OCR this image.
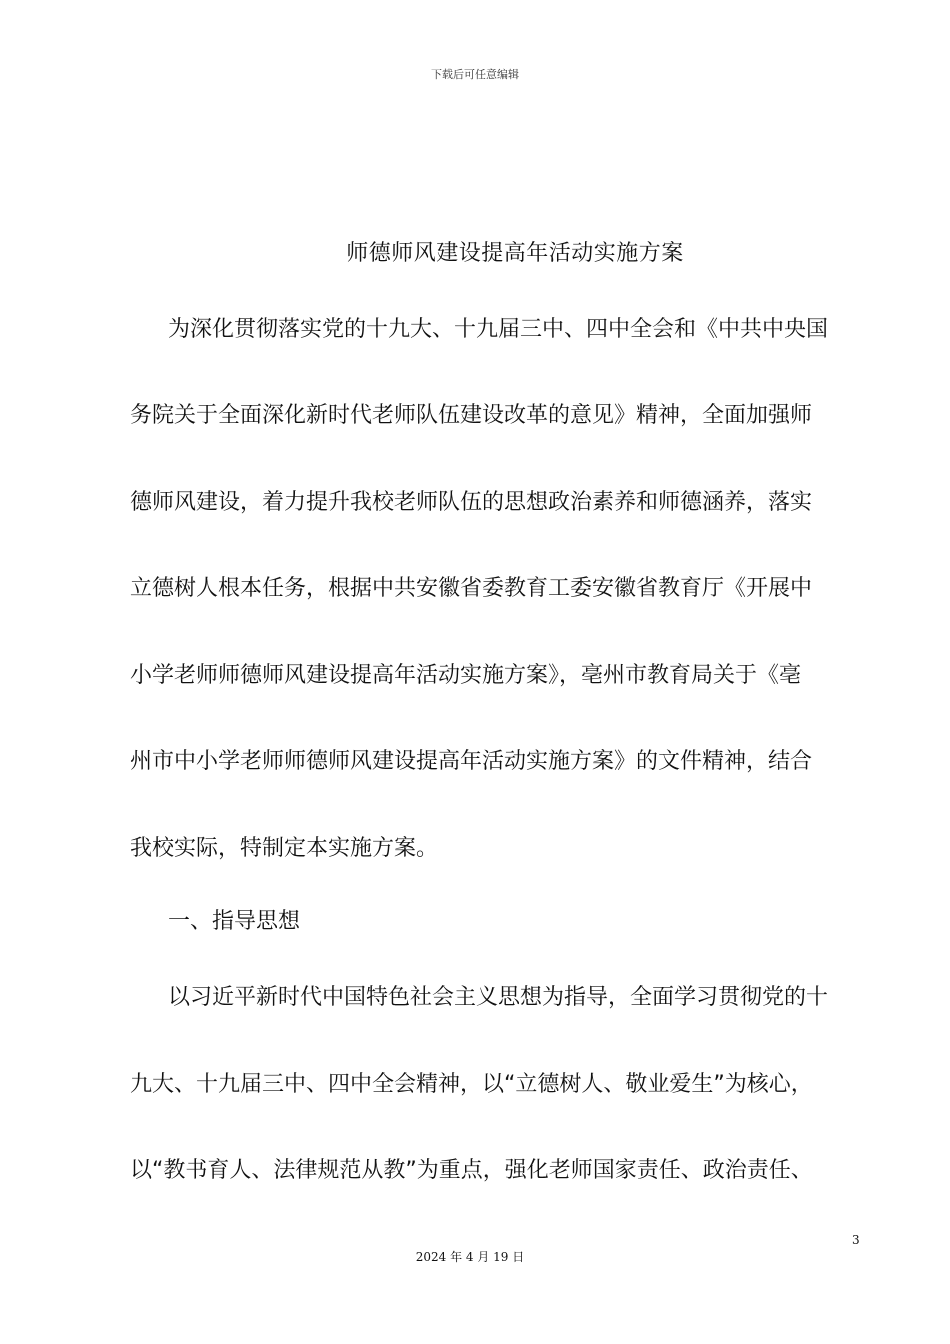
下载后可任意编辑
师德师风建设提高年活动实施方案
为深化贯彻落实党的十九大、十九届三中、四中全会和《中共中央国
务院关于全面深化新时代老师队伍建设改革的意见》精神，全面加强师
德师风建设，着力提升我校老师队伍的思想政治素养和师德涵养，落实
立德树人根本任务，根据中共安徽省委教育工委安徽省教育厅《开展中
小学老师师德师风建设提高年活动实施方案》，亳州市教育局关于《亳
州市中小学老师师德师风建设提高年活动实施方案》的文件精神，结合
我校实际，特制定本实施方案。
一、指导思想
以习近平新时代中国特色社会主义思想为指导，全面学习贯彻党的十
九大、十九届三中、四中全会精神，以“立德树人、敬业爱生”为核心，
以“教书育人、法律规范从教”为重点，强化老师国家责任、政治责任、
3
2024 年 4 月 19 日
